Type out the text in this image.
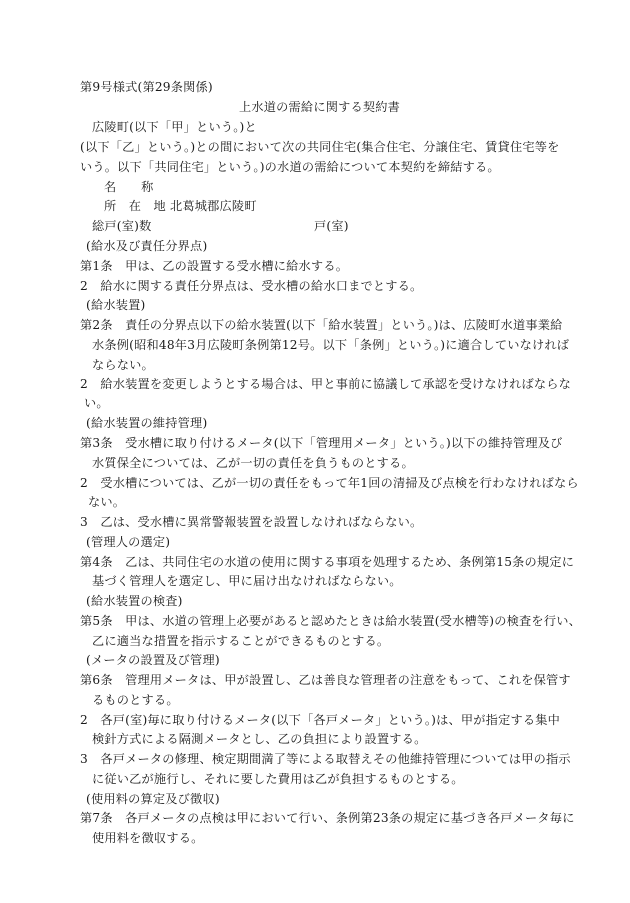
第9号様式(第29条関係)
上水道の需給に関する契約書
広陵町(以下「甲」という。)と
(以下「乙」という。)との間において次の共同住宅(集合住宅、分譲住宅、賃貸住宅等を
いう。以下「共同住宅」という。)の水道の需給について本契約を締結する。
名　　称
所　在　地 北葛城郡広陵町
総戸(室)数	戸(室)
(給水及び責任分界点)
第1条　甲は、乙の設置する受水槽に給水する。
2　給水に関する責任分界点は、受水槽の給水口までとする。
(給水装置)
第2条　責任の分界点以下の給水装置(以下「給水装置」という。)は、広陵町水道事業給
水条例(昭和48年3月広陵町条例第12号。以下「条例」という。)に適合していなければ
ならない。
2　給水装置を変更しようとする場合は、甲と事前に協議して承認を受けなければならな
い。
(給水装置の維持管理)
第3条　受水槽に取り付けるメータ(以下「管理用メータ」という。)以下の維持管理及び
水質保全については、乙が一切の責任を負うものとする。
2　受水槽については、乙が一切の責任をもって年1回の清掃及び点検を行わなければなら
ない。
3　乙は、受水槽に異常警報装置を設置しなければならない。
(管理人の選定)
第4条　乙は、共同住宅の水道の使用に関する事項を処理するため、条例第15条の規定に
基づく管理人を選定し、甲に届け出なければならない。
(給水装置の検査)
第5条　甲は、水道の管理上必要があると認めたときは給水装置(受水槽等)の検査を行い、
乙に適当な措置を指示することができるものとする。
(メータの設置及び管理)
第6条　管理用メータは、甲が設置し、乙は善良な管理者の注意をもって、これを保管す
るものとする。
2　各戸(室)毎に取り付けるメータ(以下「各戸メータ」という。)は、甲が指定する集中
検針方式による隔測メータとし、乙の負担により設置する。
3　各戸メータの修理、検定期間満了等による取替えその他維持管理については甲の指示
に従い乙が施行し、それに要した費用は乙が負担するものとする。
(使用料の算定及び徴収)
第7条　各戸メータの点検は甲において行い、条例第23条の規定に基づき各戸メータ毎に
使用料を徴収する。
